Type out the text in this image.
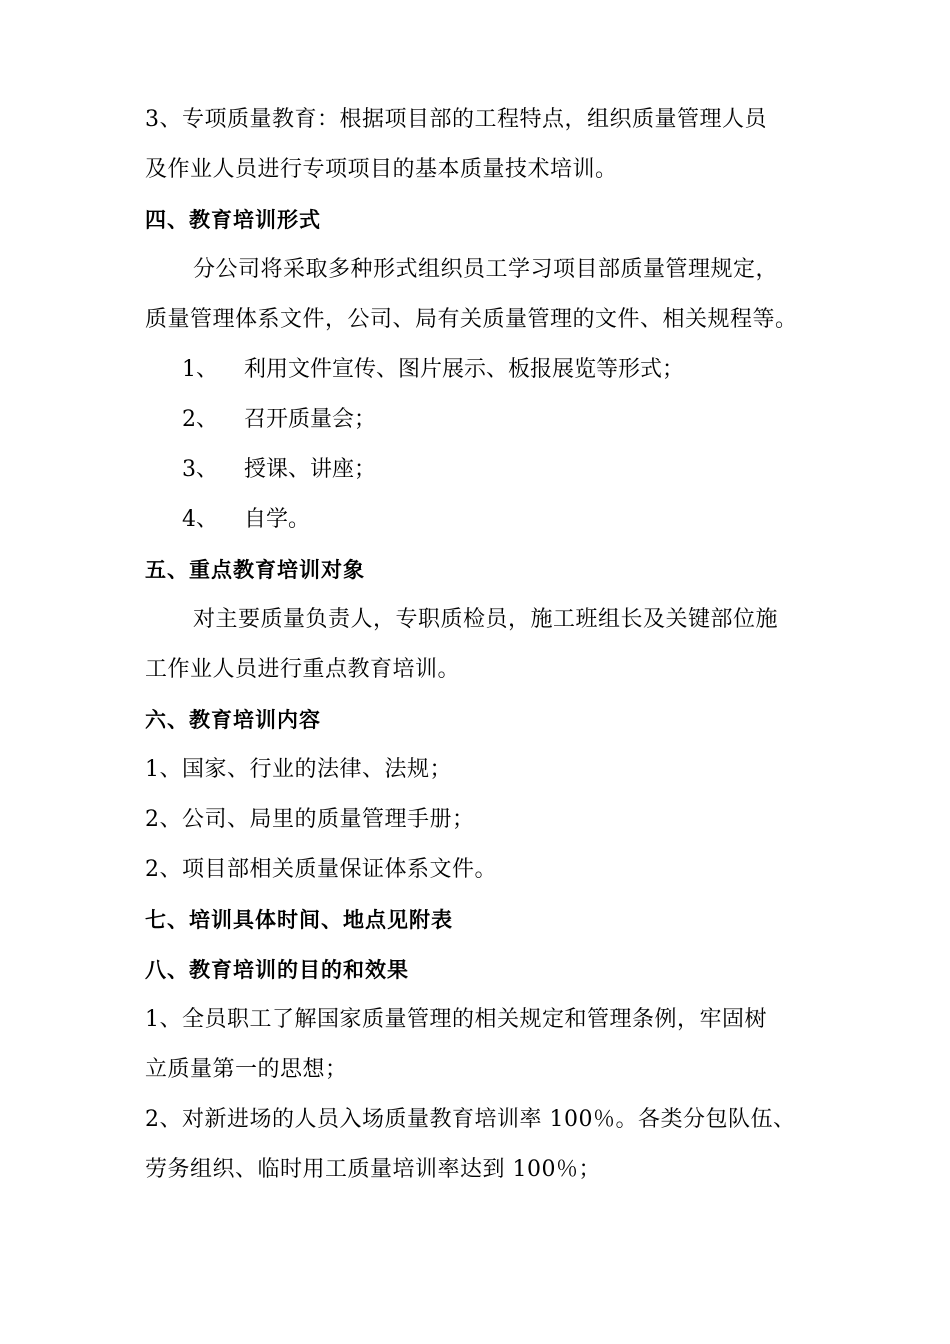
3、专项质量教育：根据项目部的工程特点，组织质量管理人员
及作业人员进行专项项目的基本质量技术培训。
四、教育培训形式
分公司将采取多种形式组织员工学习项目部质量管理规定，
质量管理体系文件，公司、局有关质量管理的文件、相关规程等。
1、 利用文件宣传、图片展示、板报展览等形式；
2、 召开质量会；
3、 授课、讲座；
4、 自学。
五、重点教育培训对象
对主要质量负责人，专职质检员，施工班组长及关键部位施
工作业人员进行重点教育培训。
六、教育培训内容
1、国家、行业的法律、法规；
2、公司、局里的质量管理手册；
2、项目部相关质量保证体系文件。
七、培训具体时间、地点见附表
八、教育培训的目的和效果
1、全员职工了解国家质量管理的相关规定和管理条例，牢固树
立质量第一的思想；
2、对新进场的人员入场质量教育培训率 100％。各类分包队伍、
劳务组织、临时用工质量培训率达到 100％；
